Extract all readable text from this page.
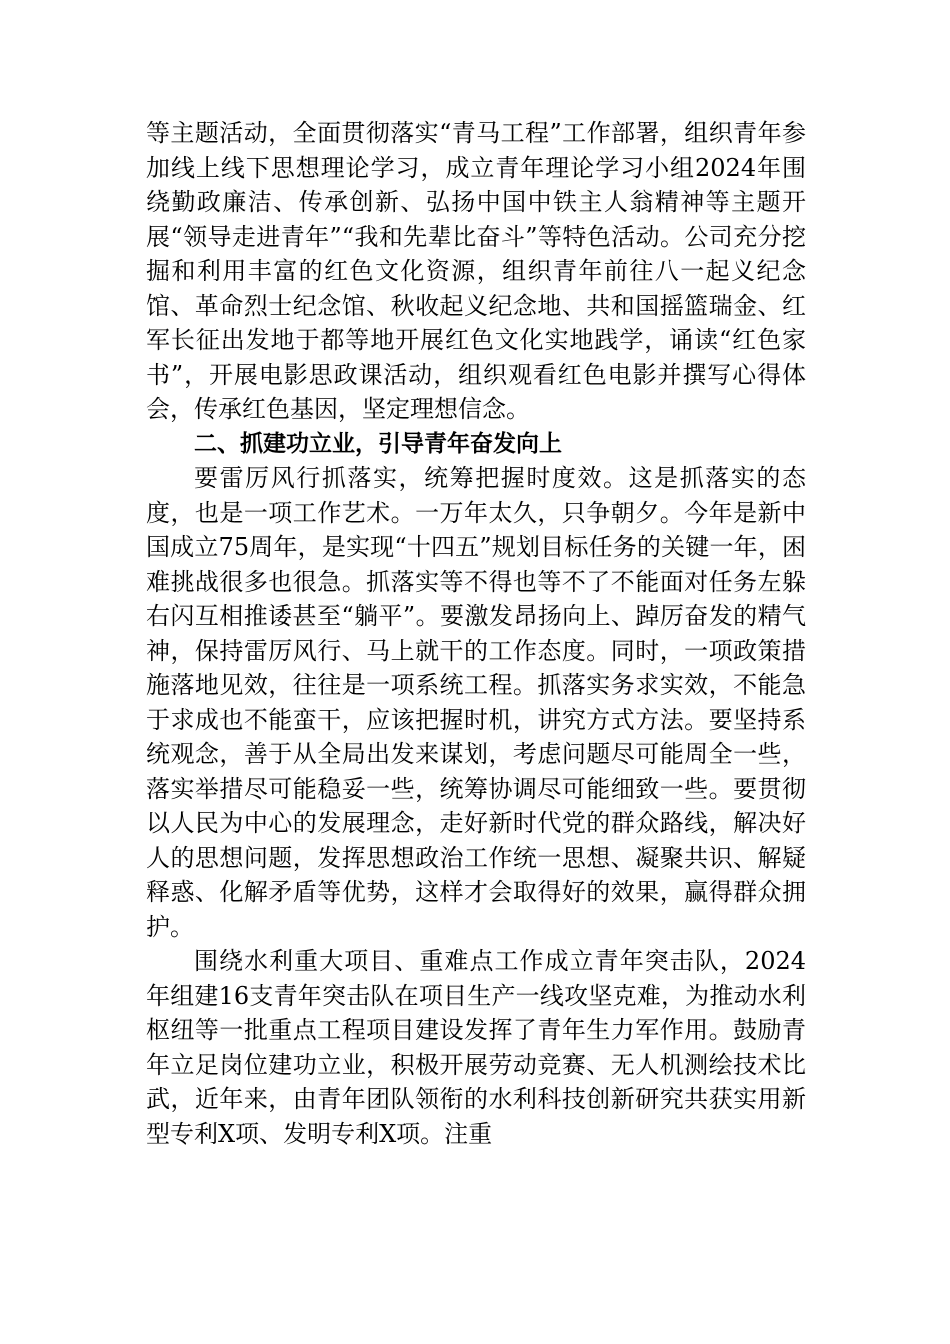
等主题活动，全面贯彻落实“青马工程”工作部署，组织青年参加线上线下思想理论学习，成立青年理论学习小组2024年围绕勤政廉洁、传承创新、弘扬中国中铁主人翁精神等主题开展“领导走进青年”“我和先辈比奋斗”等特色活动。公司充分挖掘和利用丰富的红色文化资源，组织青年前往八一起义纪念馆、革命烈士纪念馆、秋收起义纪念地、共和国摇篮瑞金、红军长征出发地于都等地开展红色文化实地践学，诵读“红色家书”，开展电影思政课活动，组织观看红色电影并撰写心得体会，传承红色基因，坚定理想信念。

二、抓建功立业，引导青年奋发向上

要雷厉风行抓落实，统筹把握时度效。这是抓落实的态度，也是一项工作艺术。一万年太久，只争朝夕。今年是新中国成立75周年，是实现“十四五”规划目标任务的关键一年，困难挑战很多也很急。抓落实等不得也等不了不能面对任务左躲右闪互相推诿甚至“躺平”。要激发昂扬向上、踔厉奋发的精气神，保持雷厉风行、马上就干的工作态度。同时，一项政策措施落地见效，往往是一项系统工程。抓落实务求实效，不能急于求成也不能蛮干，应该把握时机，讲究方式方法。要坚持系统观念，善于从全局出发来谋划，考虑问题尽可能周全一些，落实举措尽可能稳妥一些，统筹协调尽可能细致一些。要贯彻以人民为中心的发展理念，走好新时代党的群众路线，解决好人的思想问题，发挥思想政治工作统一思想、凝聚共识、解疑释惑、化解矛盾等优势，这样才会取得好的效果，赢得群众拥护。

围绕水利重大项目、重难点工作成立青年突击队，2024年组建16支青年突击队在项目生产一线攻坚克难，为推动水利枢纽等一批重点工程项目建设发挥了青年生力军作用。鼓励青年立足岗位建功立业，积极开展劳动竞赛、无人机测绘技术比武，近年来，由青年团队领衔的水利科技创新研究共获实用新型专利X项、发明专利X项。注重
